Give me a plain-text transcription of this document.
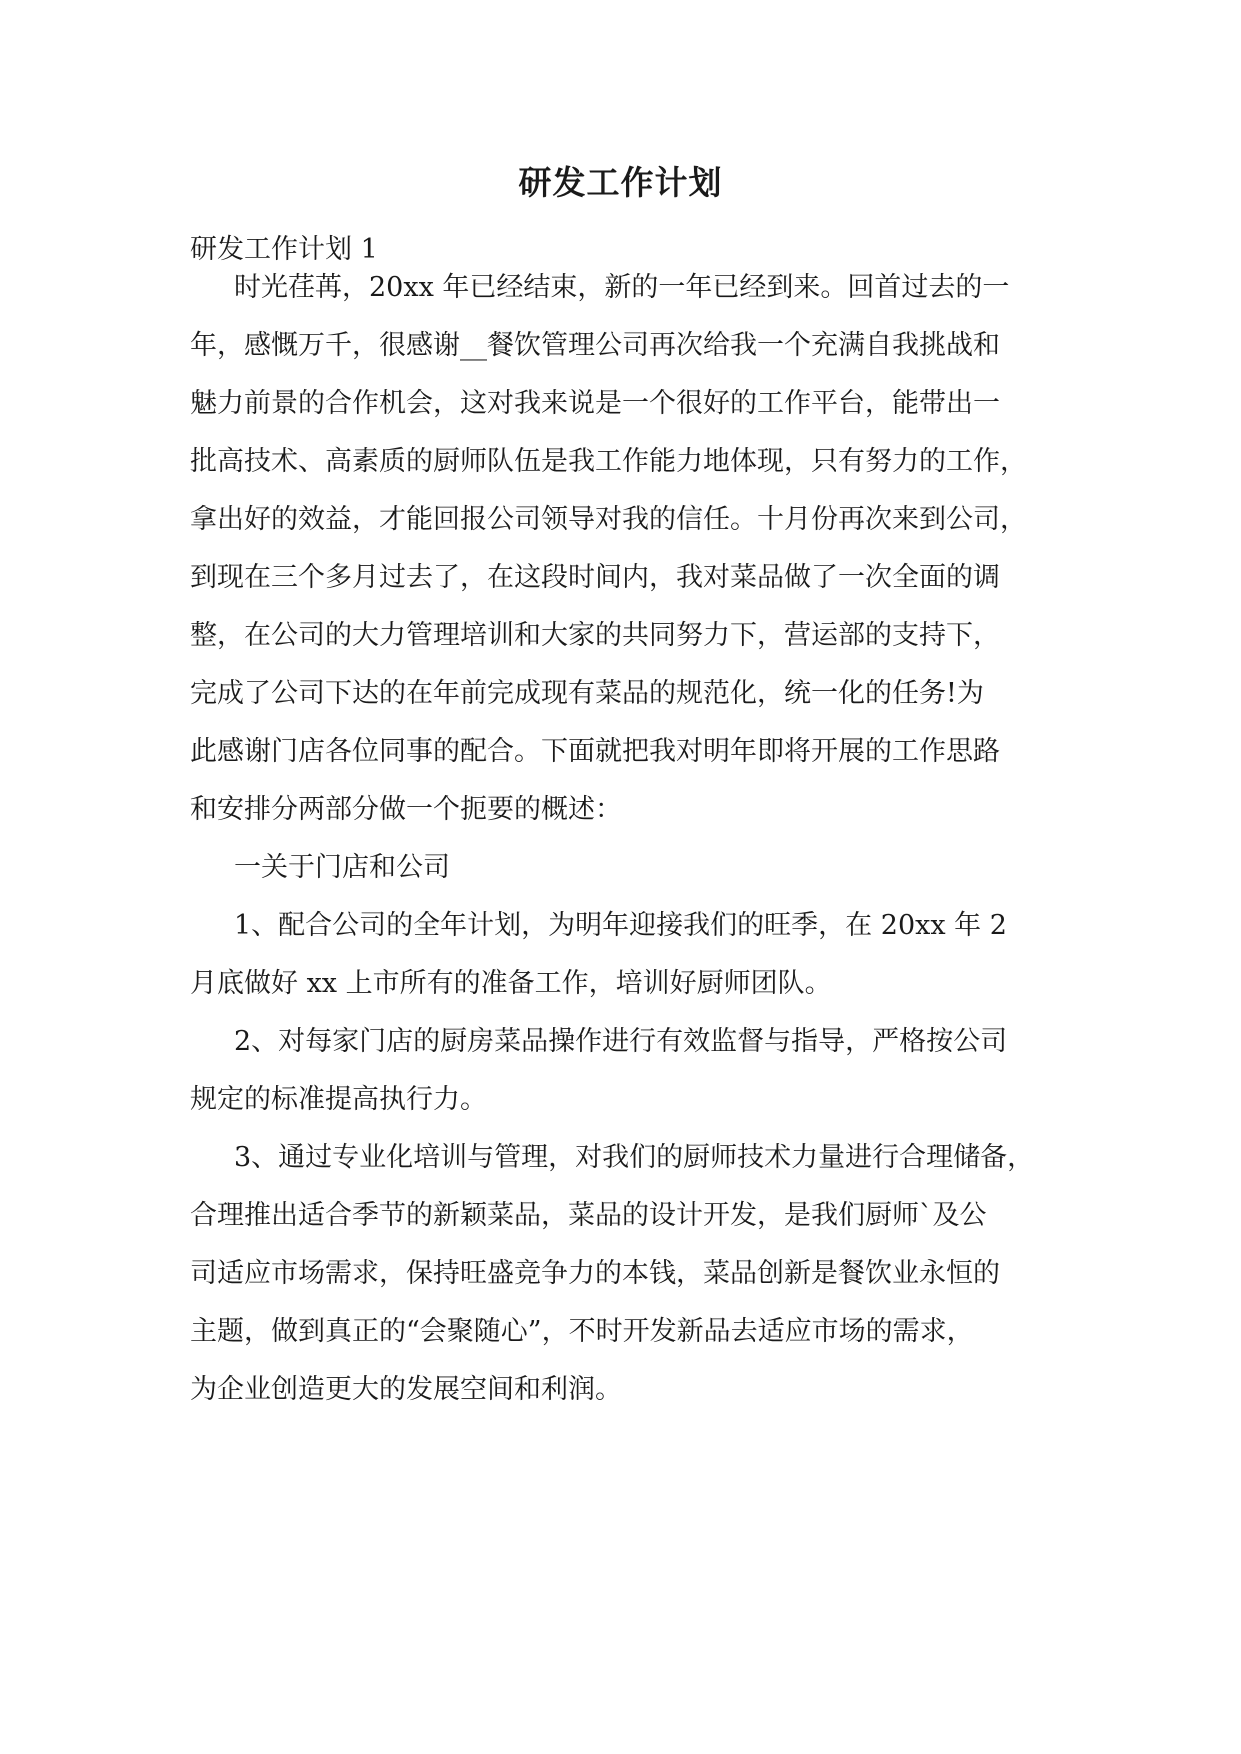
研发工作计划
研发工作计划 1
时光荏苒，20xx 年已经结束，新的一年已经到来。回首过去的一
年，感慨万千，很感谢__餐饮管理公司再次给我一个充满自我挑战和
魅力前景的合作机会，这对我来说是一个很好的工作平台，能带出一
批高技术、高素质的厨师队伍是我工作能力地体现，只有努力的工作，
拿出好的效益，才能回报公司领导对我的信任。十月份再次来到公司，
到现在三个多月过去了，在这段时间内，我对菜品做了一次全面的调
整，在公司的大力管理培训和大家的共同努力下，营运部的支持下，
完成了公司下达的在年前完成现有菜品的规范化，统一化的任务!为
此感谢门店各位同事的配合。下面就把我对明年即将开展的工作思路
和安排分两部分做一个扼要的概述：
一关于门店和公司
1、配合公司的全年计划，为明年迎接我们的旺季，在 20xx 年 2
月底做好 xx 上市所有的准备工作，培训好厨师团队。
2、对每家门店的厨房菜品操作进行有效监督与指导，严格按公司
规定的标准提高执行力。
3、通过专业化培训与管理，对我们的厨师技术力量进行合理储备，
合理推出适合季节的新颖菜品，菜品的设计开发，是我们厨师`及公
司适应市场需求，保持旺盛竞争力的本钱，菜品创新是餐饮业永恒的
主题，做到真正的“会聚随心”，不时开发新品去适应市场的需求，
为企业创造更大的发展空间和利润。
